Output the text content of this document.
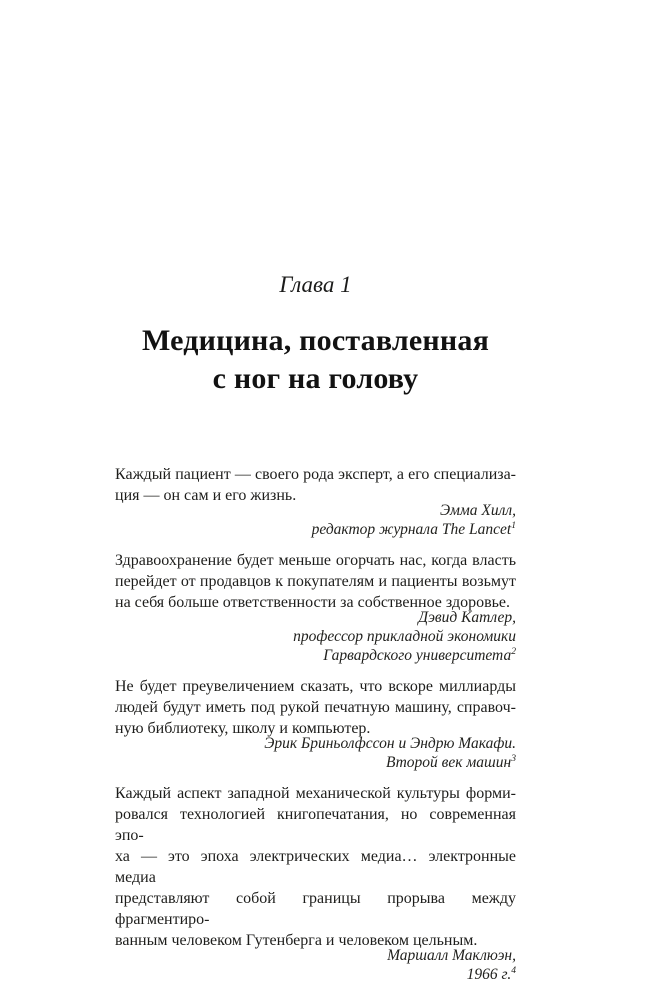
Глава 1
Медицина, поставленная
с ног на голову
Каждый пациент — своего рода эксперт, а его специализа-
ция — он сам и его жизнь.
Эмма Хилл,
редактор журнала The Lancet$^1$
Здравоохранение будет меньше огорчать нас, когда власть
перейдет от продавцов к покупателям и пациенты возьмут
на себя больше ответственности за собственное здоровье.
Дэвид Катлер,
профессор прикладной экономики
Гарвардского университета$^2$
Не будет преувеличением сказать, что вскоре миллиарды
людей будут иметь под рукой печатную машину, справоч-
ную библиотеку, школу и компьютер.
Эрик Бриньолфссон и Эндрю Макафи.
Второй век машин$^3$
Каждый аспект западной механической культуры форми-
ровался технологией книгопечатания, но современная эпо-
ха — это эпоха электрических медиа… электронные медиа
представляют собой границы прорыва между фрагментиро-
ванным человеком Гутенберга и человеком цельным.
Маршалл Маклюэн,
1966 г.$^4$
